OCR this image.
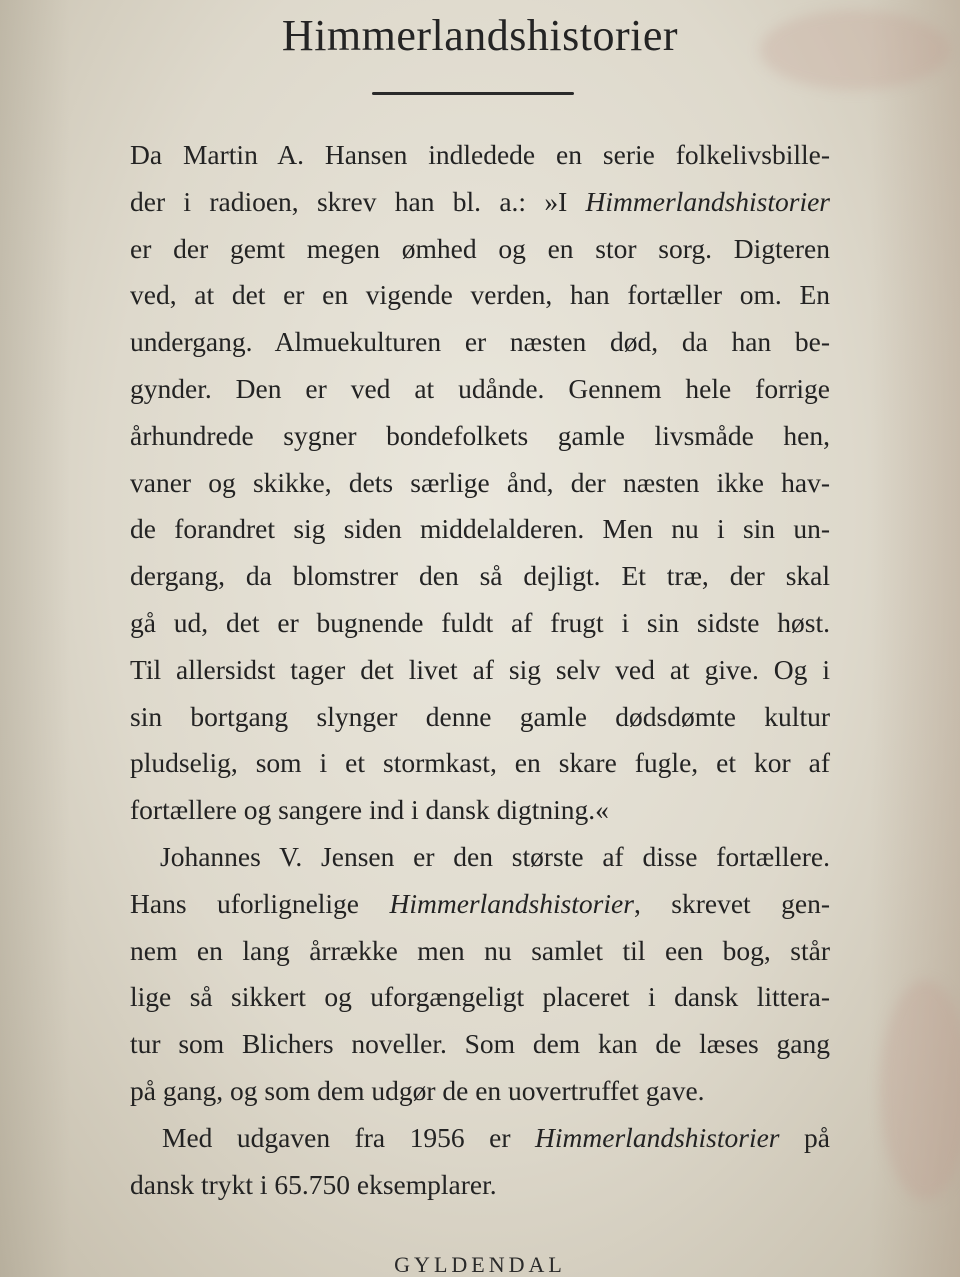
Himmerlandshistorier
Da Martin A. Hansen indledede en serie folkelivsbille-
der i radioen, skrev han bl. a.: »I Himmerlandshistorier
er der gemt megen ømhed og en stor sorg. Digteren
ved, at det er en vigende verden, han fortæller om. En
undergang. Almuekulturen er næsten død, da han be-
gynder. Den er ved at udånde. Gennem hele forrige
århundrede sygner bondefolkets gamle livsmåde hen,
vaner og skikke, dets særlige ånd, der næsten ikke hav-
de forandret sig siden middelalderen. Men nu i sin un-
dergang, da blomstrer den så dejligt. Et træ, der skal
gå ud, det er bugnende fuldt af frugt i sin sidste høst.
Til allersidst tager det livet af sig selv ved at give. Og i
sin bortgang slynger denne gamle dødsdømte kultur
pludselig, som i et stormkast, en skare fugle, et kor af
fortællere og sangere ind i dansk digtning.«
Johannes V. Jensen er den største af disse fortællere.
Hans uforlignelige Himmerlandshistorier, skrevet gen-
nem en lang årrække men nu samlet til een bog, står
lige så sikkert og uforgængeligt placeret i dansk littera-
tur som Blichers noveller. Som dem kan de læses gang
på gang, og som dem udgør de en uovertruffet gave.
Med udgaven fra 1956 er Himmerlandshistorier på
dansk trykt i 65.750 eksemplarer.
GYLDENDAL
